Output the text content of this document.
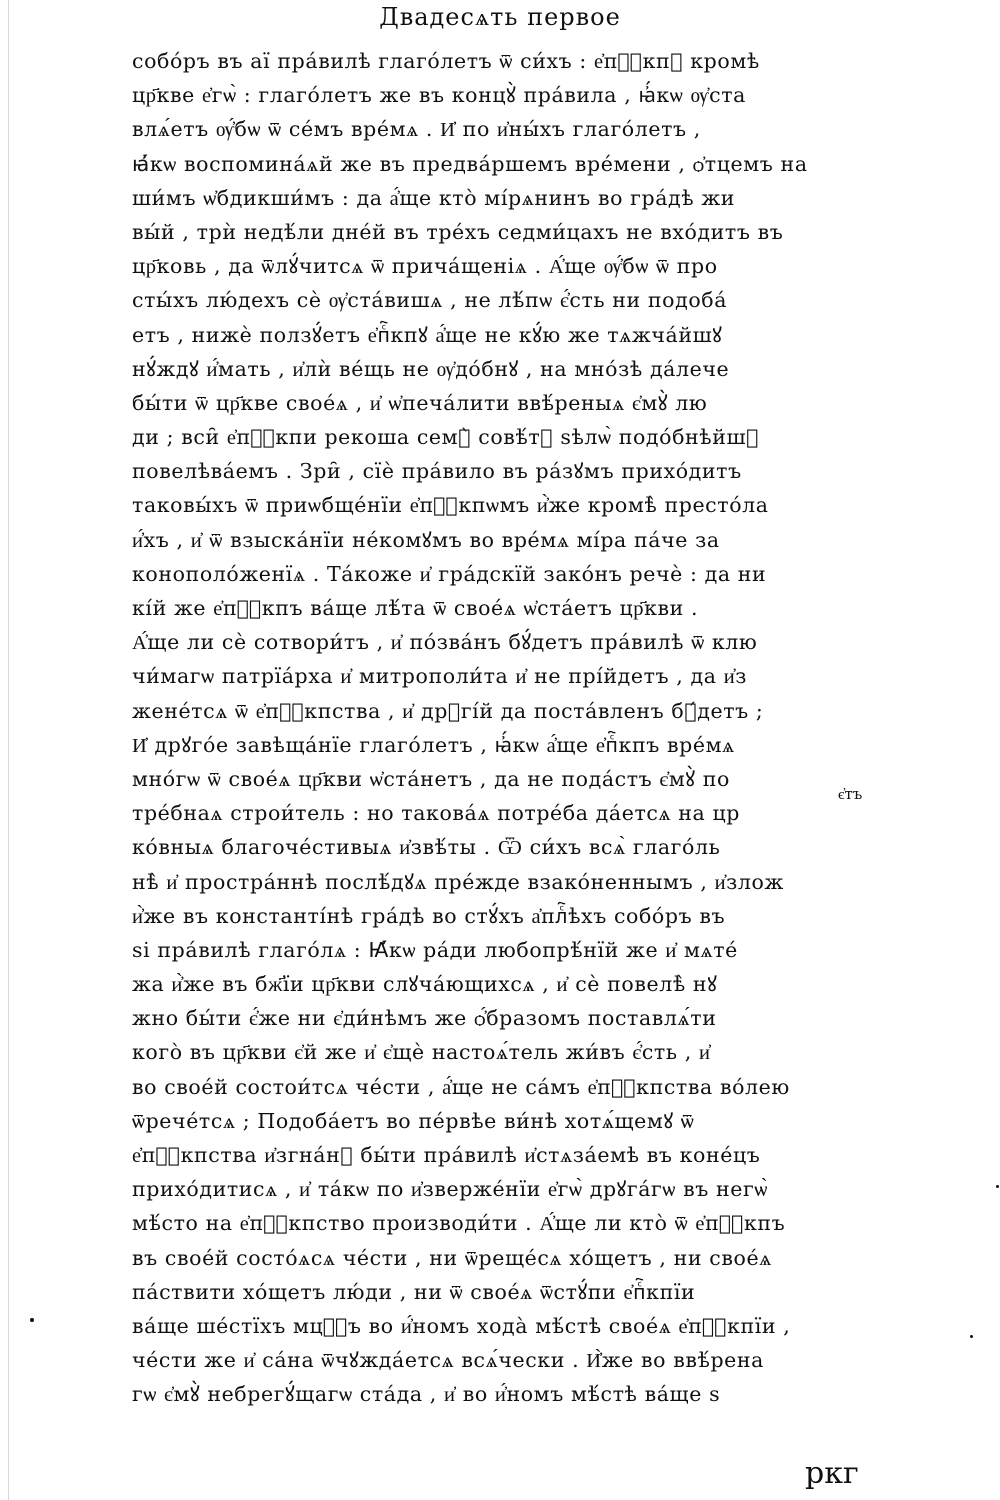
Двадесѧть первое
собо́ръ въ аї пра́вилѣ глаго́летъ ѿ си́хъ : е҆пⷭ҇кпꙋ кромѣ
цр҃кве е҆гѡ̀ : глаго́летъ же въ концꙋ̀ пра́вила , ꙗ҆́кѡ ѹ҆ста
влѧ́етъ ѹ҆́бѡ ѿ се́мъ вре́мѧ . И҆ по и҆ны́хъ глаго́летъ ,
ꙗ҆́кѡ воспомина́ѧй же въ предва́ршемъ вре́мени , ѻ҆тцемъ на
ши́мъ ѡ҆бдикши́мъ : да а҆́ще кто̀ мі́рѧнинъ во гра́дѣ жи
вы́й , трѝ недѣ́ли дне́й въ тре́хъ седми́цахъ не вхо́дитъ въ
цр҃ковь , да ѿлꙋ́читсѧ ѿ прича́щеніѧ . А҆́ще ѹ҆́бѡ ѿ про
сты́хъ лю́дехъ сѐ ѹ҆ста́вишѧ , не лѣ́пѡ є҆́сть ни подоба́
етъ , нижѐ ползꙋ́етъ е҆пⷭ҇кпꙋ а҆́ще не кꙋ́ю же тѧжча́йшꙋ
нꙋ́ждꙋ и҆́мать , и҆лѝ ве́щь не ѹ҆до́бнꙋ , на мно́зѣ да́лече
бы́ти ѿ цр҃кве свое́ѧ , и҆ ѡ҆печа́лити ввѣ́реныѧ є҆мꙋ̀ лю
ди ; вси̑ е҆пⷭ҇кпи рекоша семꙋ̀ совѣ́тꙋ ѕѣлѡ̀ подо́бнѣйшꙋ
повелѣва́емъ . Зри̑ , сїѐ пра́вило въ ра́зꙋмъ прихо́дитъ
таковы́хъ ѿ приѡбще́нїи е҆пⷭ҇кпѡмъ и҆̀же кромѣ̀ престо́ла
и҆́хъ , и҆ ѿ взыска́нїи не́комꙋмъ во вре́мѧ мі́ра па́че за
конополо́женїѧ . Та́коже и҆ гра́дскїй зако́нъ речѐ : да ни
кі́й же е҆пⷭ҇кпъ ва́ще лѣ́та ѿ свое́ѧ ѡ҆ста́етъ цр҃кви .
А҆́ще ли сѐ сотвори́тъ , и҆ по́зва́нъ бꙋ́детъ пра́вилѣ ѿ клю
чи́магѡ патрїа́рха и҆ митрополи́та и҆ не прі́йдетъ , да и҆з
жене́тсѧ ѿ е҆пⷭ҇кпства , и҆ дрꙋгі́й да поста́вленъ бꙋ́детъ ;
И҆ дрꙋго́е завѣща́нїе глаго́летъ , ꙗ҆́кѡ а҆́ще е҆пⷭ҇кпъ вре́мѧ
мно́гѡ ѿ свое́ѧ цр҃кви ѡ҆ста́нетъ , да не пода́стъ є҆мꙋ̀ по
тре́бнаѧ строи́тель : но такова́ѧ потре́ба да́етсѧ на цр
ко́вныѧ благоче́стивыѧ и҆звѣ́ты . Ѿ си́хъ всѧ̀ глаго́ль
нѣ̀ и҆ простра́ннѣ послѣ́дꙋѧ пре́жде взако́неннымъ , и҆злож
и҆̀же въ константі́нѣ гра́дѣ во стꙋ́хъ а҆плⷭ҇ѣхъ собо́ръ въ
ѕі пра́вилѣ глаго́лѧ : Ꙗ҆́кѡ ра́ди любопрѣ́нїй же и҆ мѧте́
жа и҆̀же въ бж҃їи цр҃кви слꙋча́ющихсѧ , и҆ сѐ повелѣ̀ нꙋ
жно бы́ти є҆́же ни є҆ди́нѣмъ же ѻ҆́бразомъ поставлѧ́ти
кого̀ въ цр҃кви є҆й же и҆ є҆щѐ настоѧ́тель жи́въ є҆́сть , и҆
во свое́й состои́тсѧ че́сти , а҆́ще не са́мъ е҆пⷭ҇кпства во́лею
ѿрече́тсѧ ; Подоба́етъ во пе́рвѣе ви́нѣ хотѧ́щемꙋ ѿ
е҆пⷭ҇кпства и҆згна́нꙋ бы́ти пра́вилѣ и҆стѧза́емѣ въ коне́цъ
прихо́дитисѧ , и҆ та́кѡ по и҆зверже́нїи е҆гѡ̀ дрꙋга́гѡ въ негѡ̀
мѣ́сто на е҆пⷭ҇кпство производи́ти . А҆́ще ли кто̀ ѿ е҆пⷭ҇кпъ
въ свое́й состо́ѧсѧ че́сти , ни ѿреще́сѧ хо́щетъ , ни свое́ѧ
па́ствити хо́щетъ лю́ди , ни ѿ свое́ѧ ѿстꙋ́пи е҆пⷭ҇кпїи
ва́ще ше́стїхъ мцⷭ҇ъ во и҆́номъ хода̀ мѣ́стѣ свое́ѧ е҆пⷭ҇кпїи ,
че́сти же и҆ са́на ѿчꙋжда́етсѧ всѧ́чески . И҆̀же во ввѣ́рена
гѡ є҆мꙋ̀ небрегꙋ́щагѡ ста́да , и҆ во и҆́номъ мѣ́стѣ ва́ще ѕ
є҆тъ
ркг
